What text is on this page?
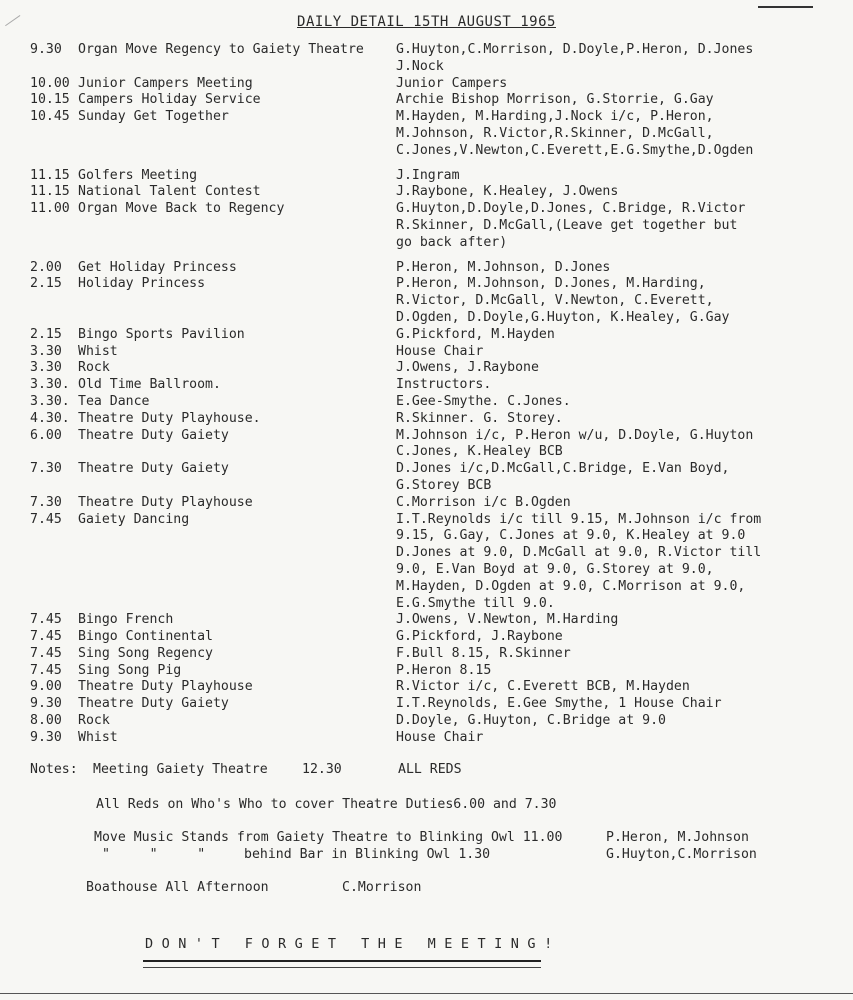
DAILY DETAIL 15TH AUGUST 1965
9.30	Organ Move Regency to Gaiety Theatre	G.Huyton,C.Morrison, D.Doyle,P.Heron, D.Jones
J.Nock
10.00 Junior Campers Meeting	Junior Campers
10.15 Campers Holiday Service	Archie Bishop Morrison, G.Storrie, G.Gay
10.45 Sunday Get Together	M.Hayden, M.Harding,J.Nock i/c, P.Heron,
M.Johnson, R.Victor,R.Skinner, D.McGall,
C.Jones,V.Newton,C.Everett,E.G.Smythe,D.Ogden
11.15 Golfers Meeting	J.Ingram
11.15 National Talent Contest	J.Raybone, K.Healey, J.Owens
11.00 Organ Move Back to Regency	G.Huyton,D.Doyle,D.Jones, C.Bridge, R.Victor
R.Skinner, D.McGall,(Leave get together but
go back after)
2.00	Get Holiday Princess	P.Heron, M.Johnson, D.Jones
2.15	Holiday Princess	P.Heron, M.Johnson, D.Jones, M.Harding,
R.Victor, D.McGall, V.Newton, C.Everett,
D.Ogden, D.Doyle,G.Huyton, K.Healey, G.Gay
2.15	Bingo Sports Pavilion	G.Pickford, M.Hayden
3.30	Whist	House Chair
3.30	Rock	J.Owens, J.Raybone
3.30. Old Time Ballroom.	Instructors.
3.30. Tea Dance	E.Gee-Smythe. C.Jones.
4.30. Theatre Duty Playhouse.	R.Skinner. G. Storey.
6.00	Theatre Duty Gaiety	M.Johnson i/c, P.Heron w/u, D.Doyle, G.Huyton
C.Jones, K.Healey BCB
7.30	Theatre Duty Gaiety	D.Jones i/c,D.McGall,C.Bridge, E.Van Boyd,
G.Storey BCB
7.30	Theatre Duty Playhouse	C.Morrison i/c B.Ogden
7.45	Gaiety Dancing	I.T.Reynolds i/c till 9.15, M.Johnson i/c from
9.15, G.Gay, C.Jones at 9.0, K.Healey at 9.0
D.Jones at 9.0, D.McGall at 9.0, R.Victor till
9.0, E.Van Boyd at 9.0, G.Storey at 9.0,
M.Hayden, D.Ogden at 9.0, C.Morrison at 9.0,
E.G.Smythe till 9.0.
7.45	Bingo French	J.Owens, V.Newton, M.Harding
7.45	Bingo Continental	G.Pickford, J.Raybone
7.45	Sing Song Regency	F.Bull 8.15, R.Skinner
7.45	Sing Song Pig	P.Heron 8.15
9.00	Theatre Duty Playhouse	R.Victor i/c, C.Everett BCB, M.Hayden
9.30	Theatre Duty Gaiety	I.T.Reynolds, E.Gee Smythe, 1 House Chair
8.00	Rock	D.Doyle, G.Huyton, C.Bridge at 9.0
9.30	Whist	House Chair
Notes: Meeting Gaiety Theatre	12.30	ALL REDS
All Reds on Who's Who to cover Theatre Duties6.00 and 7.30
Move Music Stands from Gaiety Theatre to Blinking Owl 11.00	P.Heron, M.Johnson
"     "     "	behind Bar in Blinking Owl 1.30	G.Huyton,C.Morrison
Boathouse All Afternoon	C.Morrison
DON'T FORGET THE MEETING!
